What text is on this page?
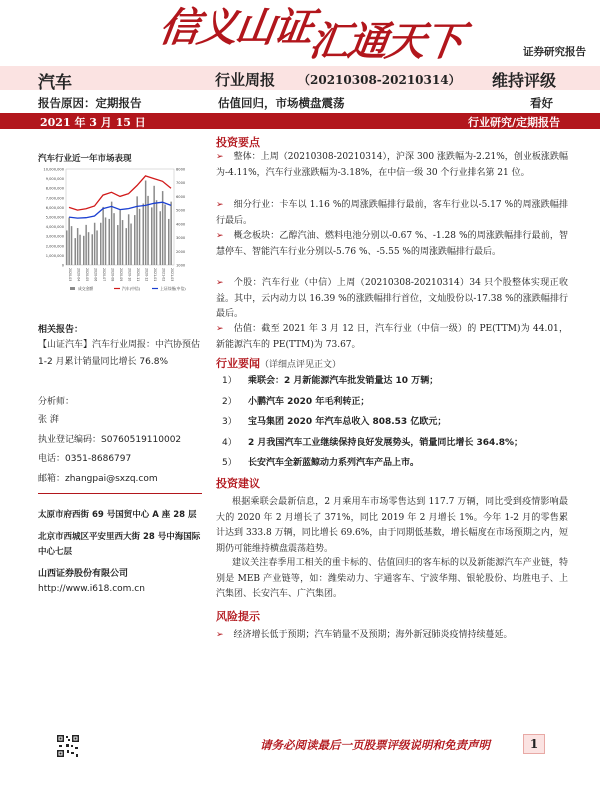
信义山证汇通天下	证券研究报告
汽车	行业周报 （20210308-20210314） 维持评级
报告原因：定期报告	估值回归，市场横盘震荡	看好
2021 年 3 月 15 日	行业研究/定期报告
汽车行业近一年市场表现
10,000,000
9,000,000
8,000,000
7,000,000
6,000,000
5,000,000
4,000,000
3,000,000
2,000,000
1,000,000
0
8000
7000
6000
5000
4000
3000
2000
1000
2020-03 2020-04 2020-05 2020-06 2020-07 2020-08 2020-09 2020-10 2020-11 2020-12 2021-01 2021-02 2021-03
成交金额	汽车(中信)	上证综指(中信)
相关报告：
【山证汽车】汽车行业周报：中汽协预估 1-2 月累计销量同比增长 76.8%
分析师：
张 湃
执业登记编码：S0760519110002
电话：0351-8686797
邮箱：zhangpai@sxzq.com
太原市府西街 69 号国贸中心 A 座 28 层
北京市西城区平安里西大街 28 号中海国际中心七层
山西证券股份有限公司
http://www.i618.com.cn
投资要点
➢ 整体：上周（20210308-20210314），沪深 300 涨跌幅为-2.21%，创业板涨跌幅为-4.11%，汽车行业涨跌幅为-3.18%，在中信一级 30 个行业排名第 21 位。
➢ 细分行业：卡车以 1.16 %的周涨跌幅排行最前，客车行业以-5.17 %的周涨跌幅排行最后。
➢ 概念板块：乙醇汽油、燃料电池分别以-0.67 %、-1.28 %的周涨跌幅排行最前，智慧停车、智能汽车行业分别以-5.76 %、-5.55 %的周涨跌幅排行最后。
➢ 个股：汽车行业（中信）上周（20210308-20210314）34 只个股整体实现正收益。其中，云内动力以 16.39 %的涨跌幅排行首位，文灿股份以-17.38 %的涨跌幅排行最后。
➢ 估值：截至 2021 年 3 月 12 日，汽车行业（中信一级）的 PE(TTM)为 44.01，新能源汽车的 PE(TTM)为 73.67。
行业要闻（详细点评见正文）
1） 乘联会：2 月新能源汽车批发销量达 10 万辆；
2） 小鹏汽车 2020 年毛利转正；
3） 宝马集团 2020 年汽车总收入 808.53 亿欧元；
4） 2 月我国汽车工业继续保持良好发展势头，销量同比增长 364.8%；
5） 长安汽车全新蓝鲸动力系列汽车产品上市。
投资建议
根据乘联会最新信息，2 月乘用车市场零售达到 117.7 万辆，同比受到疫情影响最大的 2020 年 2 月增长了 371%，同比 2019 年 2 月增长 1%。今年 1-2 月的零售累计达到 333.8 万辆，同比增长 69.6%，由于同期低基数，增长幅度在市场预期之内，短期仍可能维持横盘震荡趋势。
建议关注春季用工相关的重卡标的、估值回归的客车标的以及新能源汽车产业链，特别是 MEB 产业链等，如：潍柴动力、宇通客车、宁波华翔、银轮股份、均胜电子、上汽集团、长安汽车、广汽集团。
风险提示
➢ 经济增长低于预期；汽车销量不及预期；海外新冠肺炎疫情持续蔓延。
请务必阅读最后一页股票评级说明和免责声明	1
